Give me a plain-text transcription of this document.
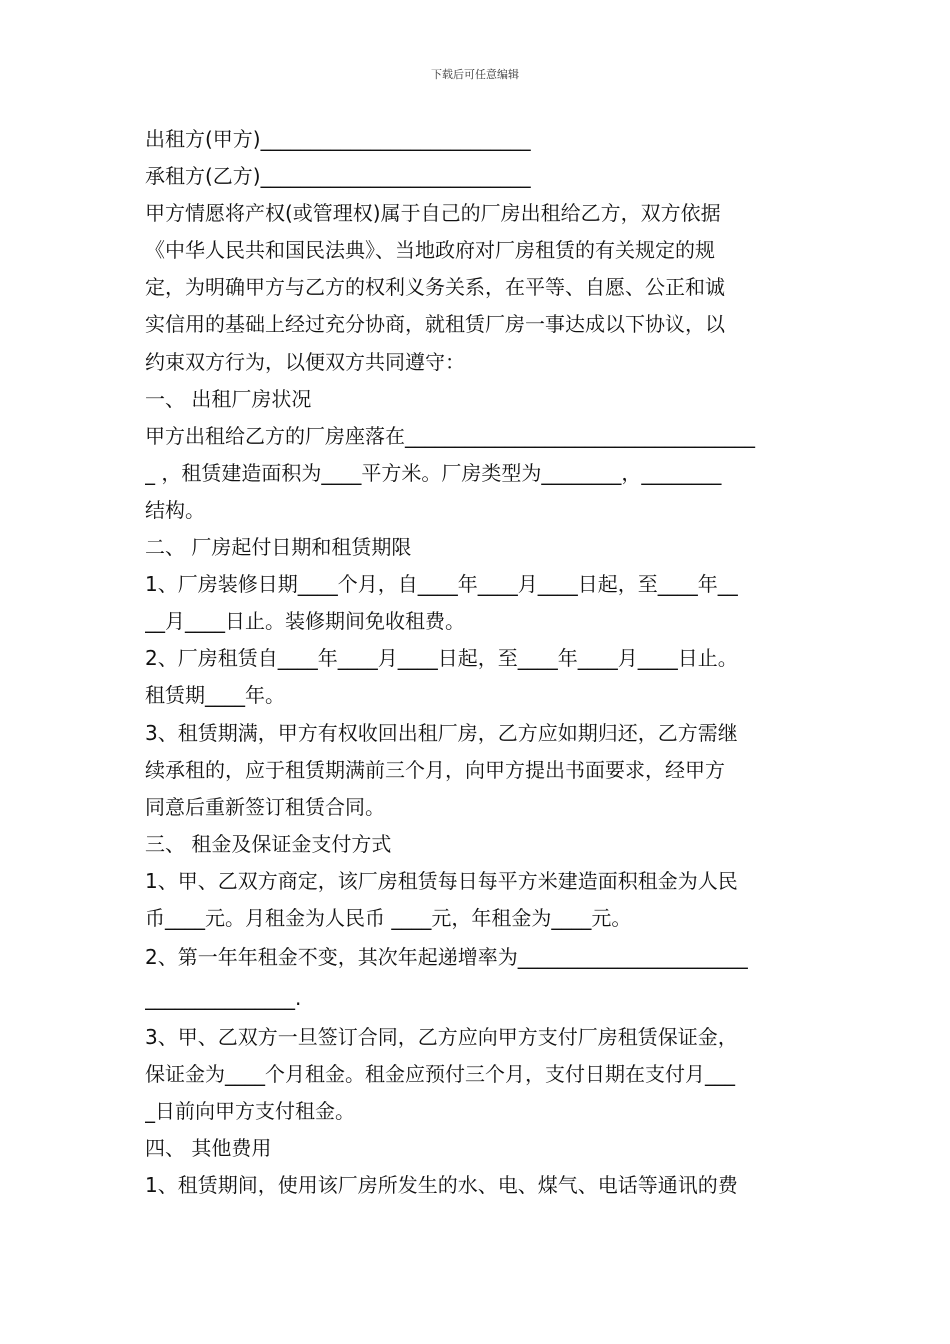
下载后可任意编辑
出租方(甲方)___________________________
承租方(乙方)___________________________
甲方情愿将产权(或管理权)属于自己的厂房出租给乙方，双方依据
《中华人民共和国民法典》、当地政府对厂房租赁的有关规定的规
定，为明确甲方与乙方的权利义务关系，在平等、自愿、公正和诚
实信用的基础上经过充分协商，就租赁厂房一事达成以下协议，以
约束双方行为，以便双方共同遵守：
一、 出租厂房状况
甲方出租给乙方的厂房座落在___________________________________
_ ，租赁建造面积为____平方米。厂房类型为________，________
结构。
二、 厂房起付日期和租赁期限
1、厂房装修日期____个月，自____年____月____日起，至____年__
__月____日止。装修期间免收租费。
2、厂房租赁自____年____月____日起，至____年____月____日止。
租赁期____年。
3、租赁期满，甲方有权收回出租厂房，乙方应如期归还，乙方需继
续承租的，应于租赁期满前三个月，向甲方提出书面要求，经甲方
同意后重新签订租赁合同。
三、 租金及保证金支付方式
1、甲、乙双方商定，该厂房租赁每日每平方米建造面积租金为人民
币____元。月租金为人民币 ____元，年租金为____元。
2、第一年年租金不变，其次年起递增率为_______________________
_______________.
3、甲、乙双方一旦签订合同，乙方应向甲方支付厂房租赁保证金，
保证金为____个月租金。租金应预付三个月，支付日期在支付月___
_日前向甲方支付租金。
四、 其他费用
1、租赁期间，使用该厂房所发生的水、电、煤气、电话等通讯的费
